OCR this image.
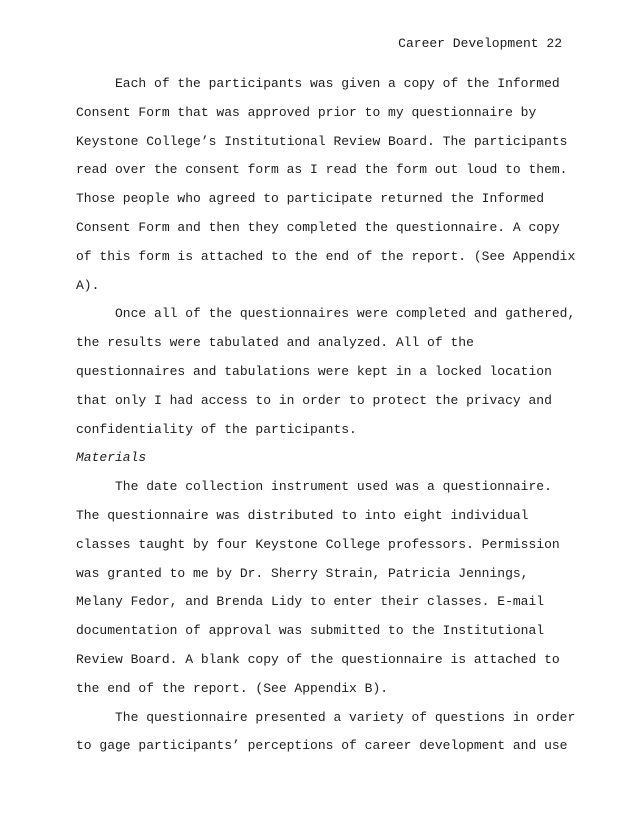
Career Development 22
Each of the participants was given a copy of the Informed
Consent Form that was approved prior to my questionnaire by
Keystone College’s Institutional Review Board. The participants
read over the consent form as I read the form out loud to them.
Those people who agreed to participate returned the Informed
Consent Form and then they completed the questionnaire. A copy
of this form is attached to the end of the report. (See Appendix
A).
Once all of the questionnaires were completed and gathered,
the results were tabulated and analyzed. All of the
questionnaires and tabulations were kept in a locked location
that only I had access to in order to protect the privacy and
confidentiality of the participants.
Materials
The date collection instrument used was a questionnaire.
The questionnaire was distributed to into eight individual
classes taught by four Keystone College professors. Permission
was granted to me by Dr. Sherry Strain, Patricia Jennings,
Melany Fedor, and Brenda Lidy to enter their classes. E-mail
documentation of approval was submitted to the Institutional
Review Board. A blank copy of the questionnaire is attached to
the end of the report. (See Appendix B).
The questionnaire presented a variety of questions in order
to gage participants’ perceptions of career development and use
